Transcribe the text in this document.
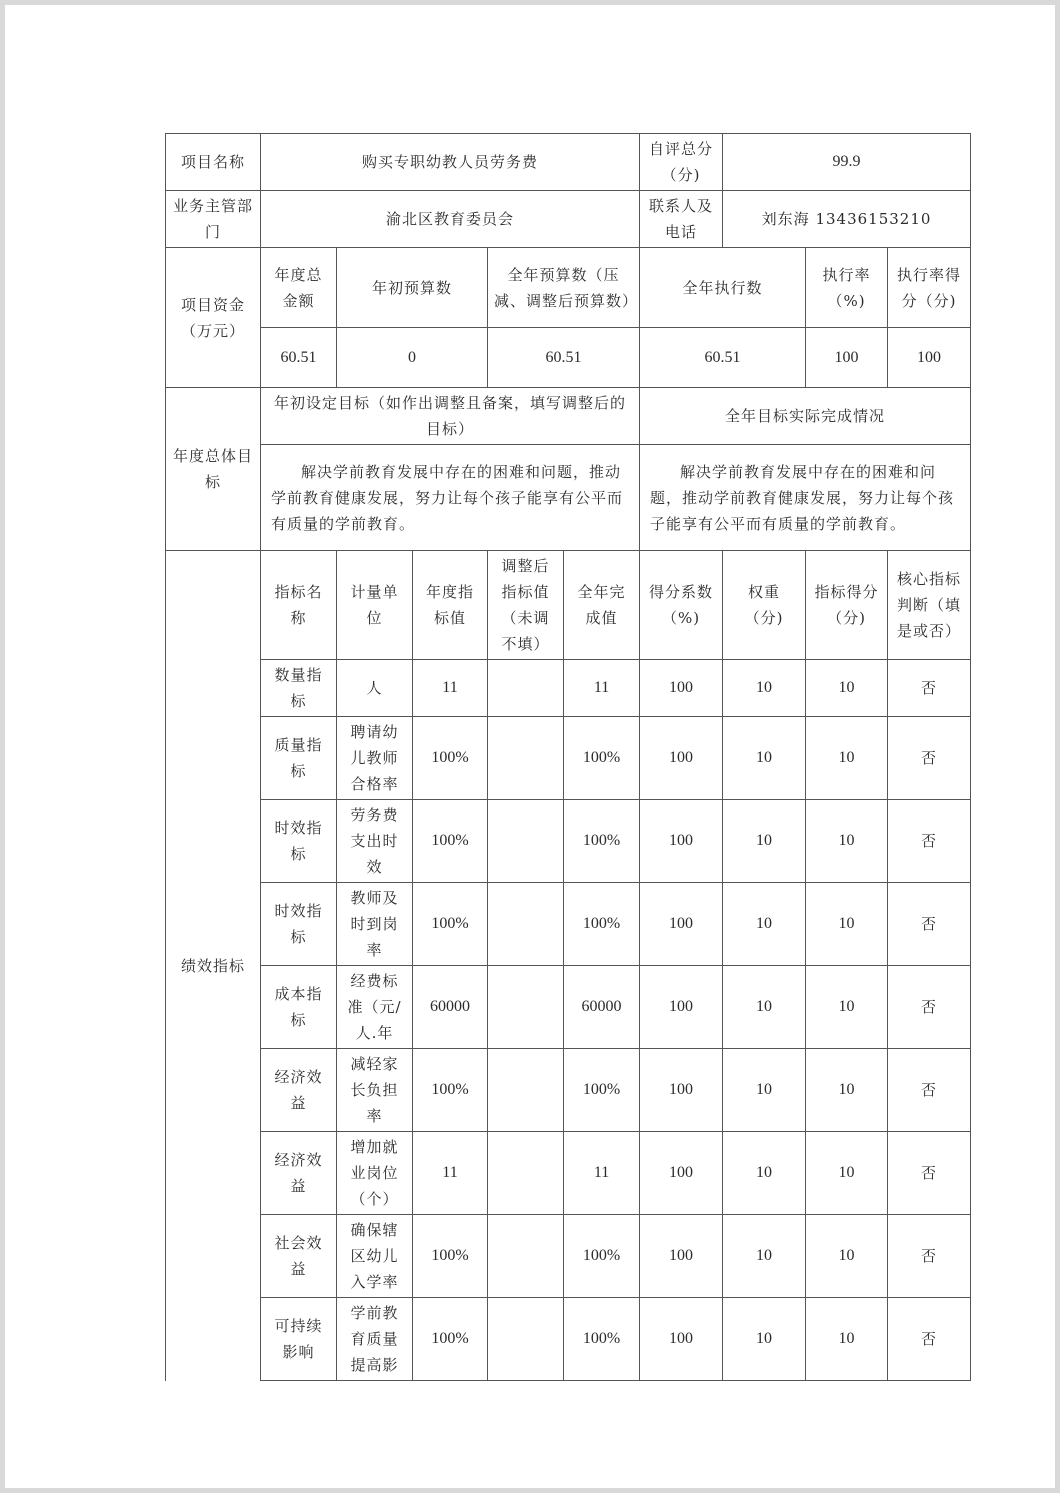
项目名称	购买专职幼教人员劳务费					自评总分（分)	99.9		
业务主管部门	渝北区教育委员会					联系人及电话	刘东海 13436153210		
项目资金（万元）	年度总金额	年初预算数		全年预算数（压减、调整后预算数）		全年执行数		执行率（%)	执行率得分（分)
	60.51	0		60.51		60.51		100	100
年度总体目标	年初设定目标（如作出调整且备案，填写调整后的目标）					全年目标实际完成情况			
	解决学前教育发展中存在的困难和问题，推动学前教育健康发展，努力让每个孩子能享有公平而有质量的学前教育。					解决学前教育发展中存在的困难和问题，推动学前教育健康发展，努力让每个孩子能享有公平而有质量的学前教育。			
绩效指标	指标名称	计量单位	年度指标值	调整后指标值（未调不填）	全年完成值	得分系数（%)	权重（分)	指标得分（分)	核心指标判断（填是或否）
	数量指标	人	11		11	100	10	10	否
	质量指标	聘请幼儿教师合格率	100%		100%	100	10	10	否
	时效指标	劳务费支出时效	100%		100%	100	10	10	否
	时效指标	教师及时到岗率	100%		100%	100	10	10	否
	成本指标	经费标准（元/人.年	60000		60000	100	10	10	否
	经济效益	减轻家长负担率	100%		100%	100	10	10	否
	经济效益	增加就业岗位（个）	11		11	100	10	10	否
	社会效益	确保辖区幼儿入学率	100%		100%	100	10	10	否
	可持续影响	学前教育质量提高影	100%		100%	100	10	10	否
